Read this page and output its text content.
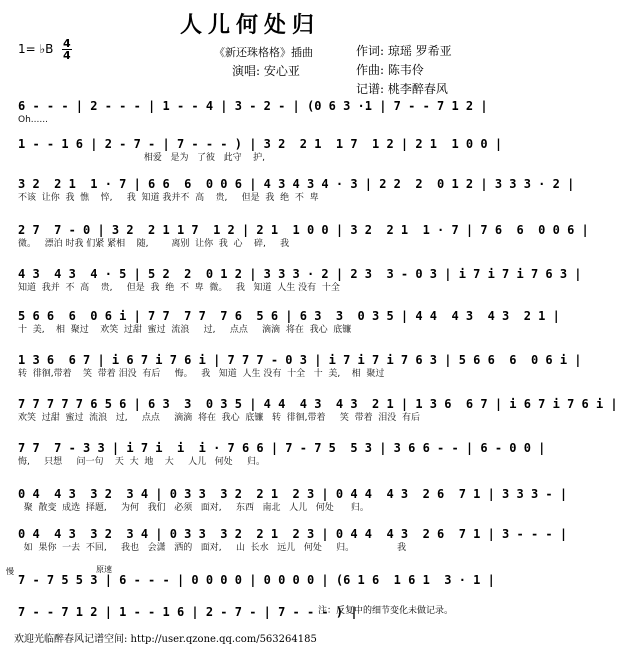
人儿何处归
1= ♭B 4
4	《新还珠格格》插曲
演唱: 安心亚
作词: 琼瑶 罗希亚
作曲: 陈韦伶
记谱: 桃李醉春风
6 - - - | 2 - - - | 1 - - 4 | 3 - 2 - | (0 6 3 ·1 | 7 - - 7 1 2 |
Oh......
1 - - 1 6 | 2 - 7 - | 7 - - - ) | 3 2  2 1  1 7  1 2 | 2 1  1 0 0 |
相爱   是为   了彼   此守    护,
3 2  2 1  1 · 7 | 6 6  6  0 0 6 | 4 3 4 3 4 · 3 | 2 2  2  0 1 2 | 3 3 3 · 2 |
不该  让你  我  憔    悴,     我  知道 我并不  高    贵,     但是  我  绝  不  卑
2 7  7 - 0 | 3 2  2 1 1 7  1 2 | 2 1  1 0 0 | 3 2  2 1  1 · 7 | 7 6  6  0 0 6 |
微。   漂泊 时我 们紧 紧相    随,        离别  让你  我  心    碎,     我
4 3  4 3  4 · 5 | 5 2  2  0 1 2 | 3 3 3 · 2 | 2 3  3 - 0 3 | i 7 i 7 i 7 6 3 |
知道  我并  不  高    贵,     但是  我  绝  不  卑  微。   我   知道  人生 没有  十全
5 6 6  6  0 6 i | 7 7  7 7  7 6  5 6 | 6 3  3  0 3 5 | 4 4  4 3  4 3  2 1 |
十  美,    相  聚过    欢笑  过甜  蜜过  流浪     过,     点点     滴滴  将在  我心  底镰
1 3 6  6 7 | i 6 7 i 7 6 i | 7 7 7 - 0 3 | i 7 i 7 i 7 6 3 | 5 6 6  6  0 6 i |
转  徘徊,带着    笑  带着 泪没  有后     悔。   我   知道  人生 没有  十全   十  美,    相  聚过
7 7 7 7 7 6 5 6 | 6 3  3  0 3 5 | 4 4  4 3  4 3  2 1 | 1 3 6  6 7 | i 6 7 i 7 6 i |
欢笑  过甜  蜜过  流浪   过,     点点     滴滴  将在  我心  底镰   转  徘徊,带着     笑  带着  泪没  有后
7 7  7 - 3 3 | i 7 i  i  i · 7 6 6 | 7 - 7 5  5 3 | 3 6 6 - - | 6 - 0 0 |
悔,     只想     问一句    天  大  地    大     人儿   何处     归。
0 4  4 3  3 2  3 4 | 0 3 3  3 2  2 1  2 3 | 0 4 4  4 3  2 6  7 1 | 3 3 3 - |
聚  散变  成选  择题,     为何   我们   必须   面对,     东西   南北   人儿   何处      归。
0 4  4 3  3 2  3 4 | 0 3 3  3 2  2 1  2 3 | 0 4 4  4 3  2 6  7 1 | 3 - - - |
如  果你  一去  不回,     我也   会潇   洒的   面对,     山  长水   远儿   何处     归。               我
慢	原速
7 - 7 5 5 3 | 6 - - - | 0 0 0 0 | 0 0 0 0 | (6 1 6  1 6 1  3 · 1 |
7 - - 7 1 2 | 1 - - 1 6 | 2 - 7 - | 7 - - - ) |
注：反复中的细节变化未做记录。
欢迎光临醉春风记谱空间: http://user.qzone.qq.com/563264185
